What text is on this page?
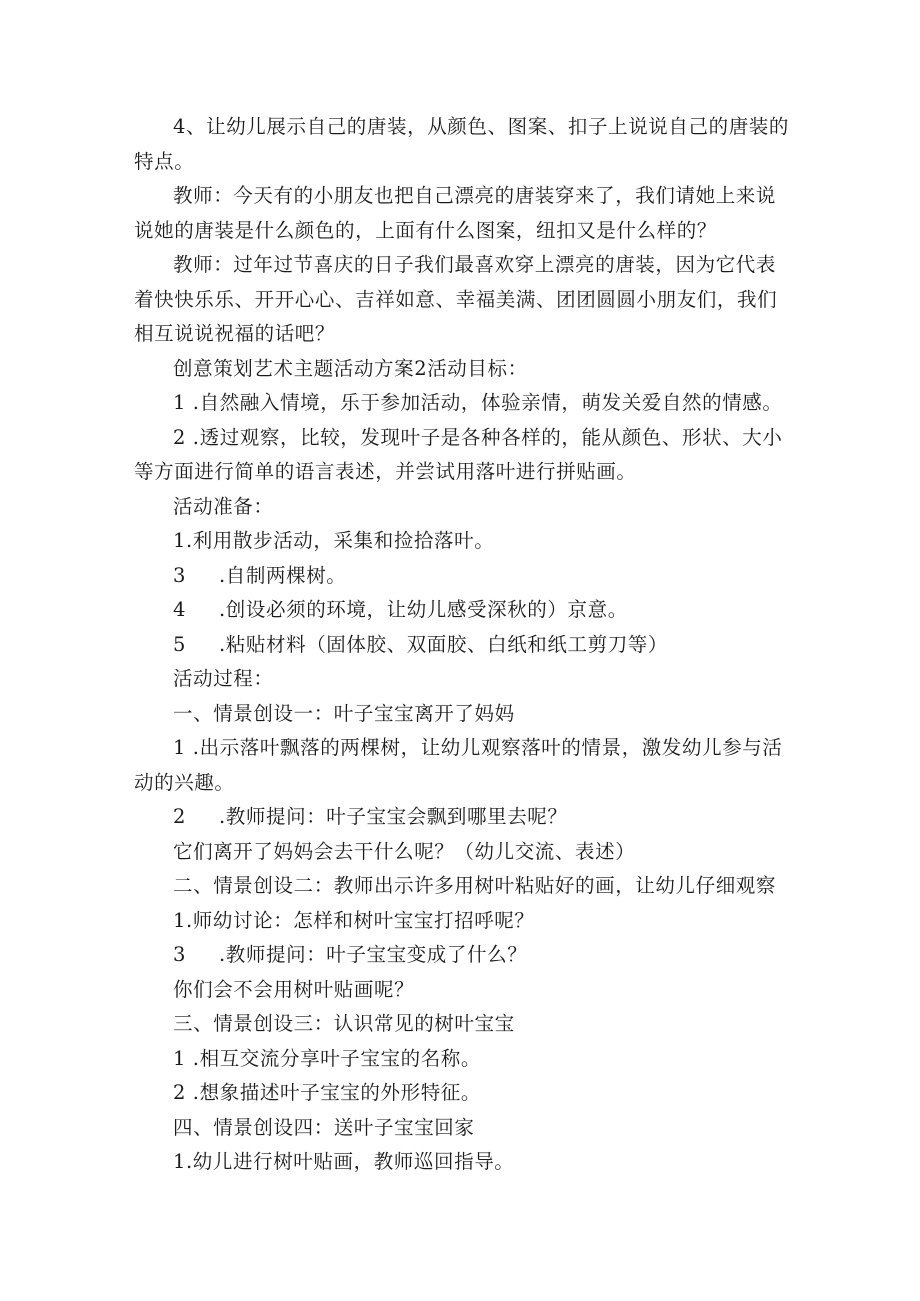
4、让幼儿展示自己的唐装，从颜色、图案、扣子上说说自己的唐装的特点。

教师：今天有的小朋友也把自己漂亮的唐装穿来了，我们请她上来说说她的唐装是什么颜色的，上面有什么图案，纽扣又是什么样的？

教师：过年过节喜庆的日子我们最喜欢穿上漂亮的唐装，因为它代表着快快乐乐、开开心心、吉祥如意、幸福美满、团团圆圆小朋友们，我们相互说说祝福的话吧？

创意策划艺术主题活动方案2活动目标：

1 .自然融入情境，乐于参加活动，体验亲情，萌发关爱自然的情感。

2 .透过观察，比较，发现叶子是各种各样的，能从颜色、形状、大小等方面进行简单的语言表述，并尝试用落叶进行拼贴画。

活动准备：

1.利用散步活动，采集和捡拾落叶。

3 .自制两棵树。

4 .创设必须的环境，让幼儿感受深秋的）京意。

5 .粘贴材料（固体胶、双面胶、白纸和纸工剪刀等）

活动过程：

一、情景创设一：叶子宝宝离开了妈妈

1 .出示落叶飘落的两棵树，让幼儿观察落叶的情景，激发幼儿参与活动的兴趣。

2 .教师提问：叶子宝宝会飘到哪里去呢？

它们离开了妈妈会去干什么呢？（幼儿交流、表述）

二、情景创设二：教师出示许多用树叶粘贴好的画，让幼儿仔细观察

1.师幼讨论：怎样和树叶宝宝打招呼呢？

3 .教师提问：叶子宝宝变成了什么？

你们会不会用树叶贴画呢？

三、情景创设三：认识常见的树叶宝宝

1 .相互交流分享叶子宝宝的名称。

2 .想象描述叶子宝宝的外形特征。

四、情景创设四：送叶子宝宝回家

1.幼儿进行树叶贴画，教师巡回指导。
